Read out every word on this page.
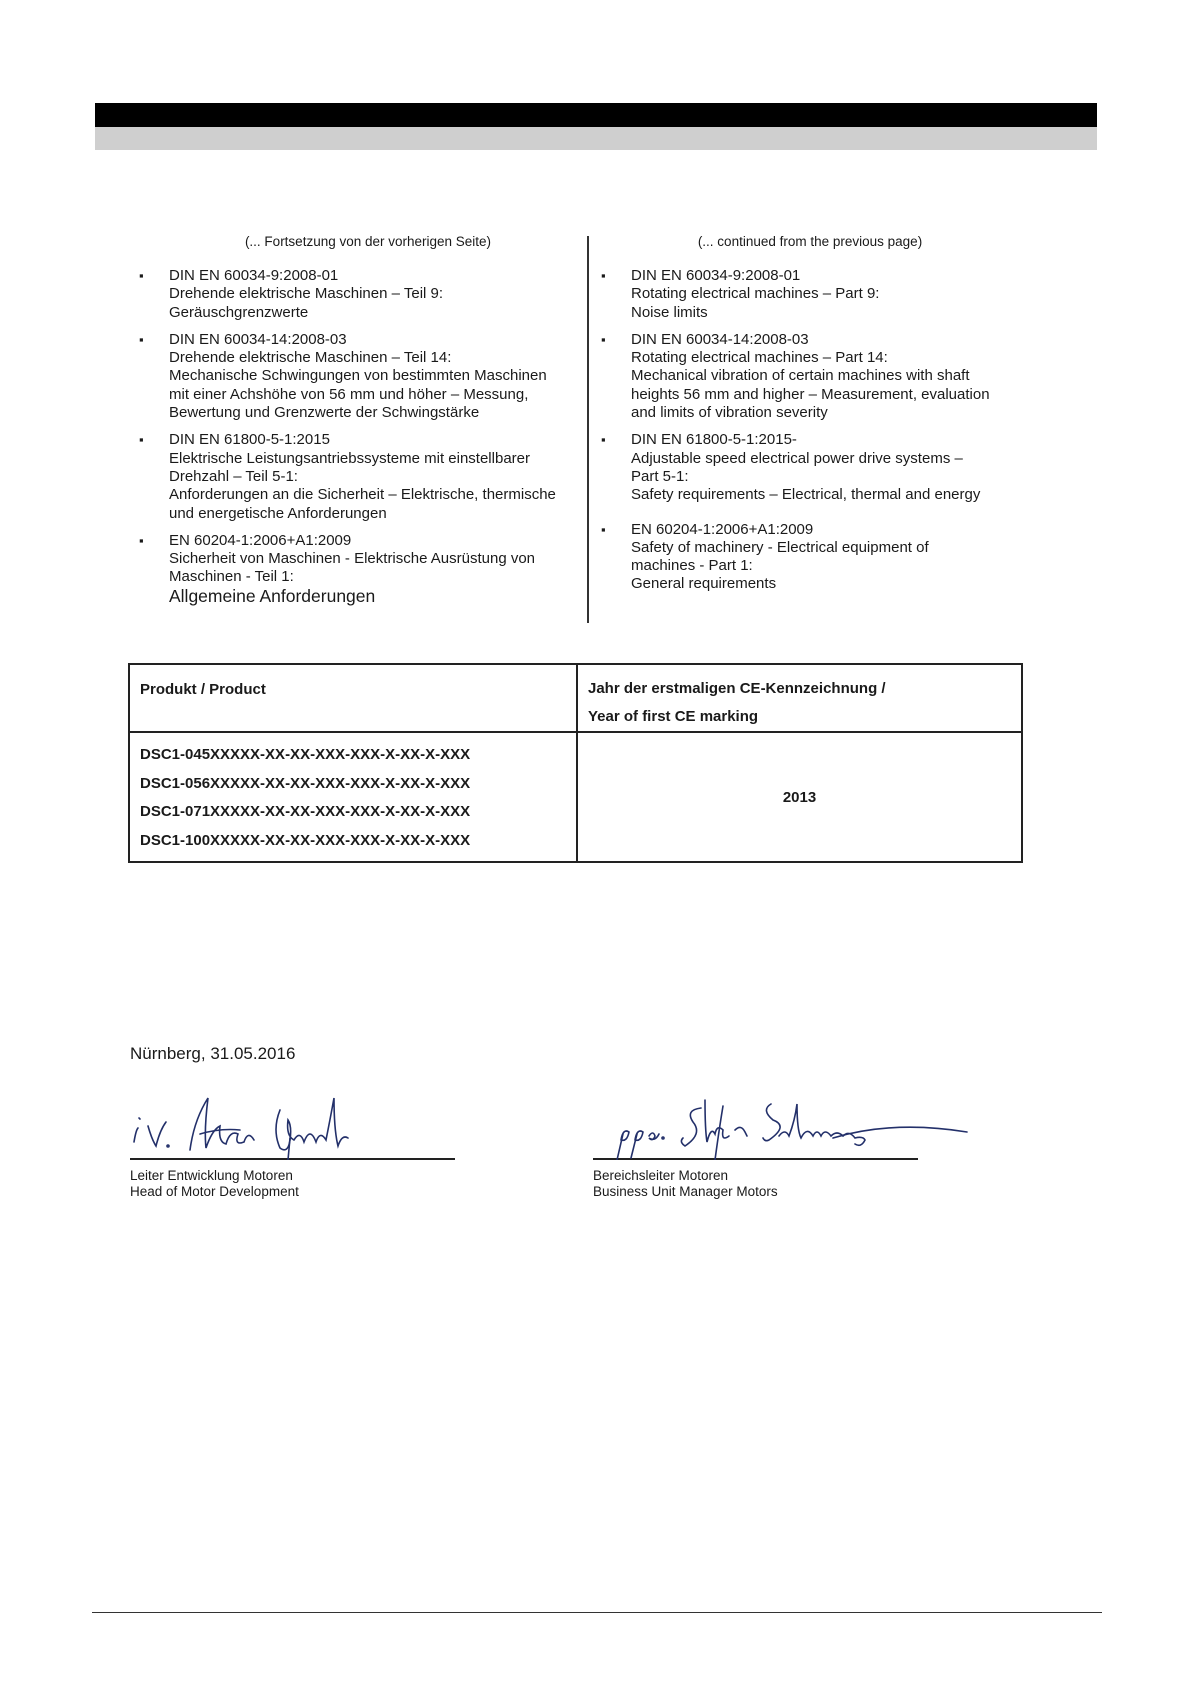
(... Fortsetzung von der vorherigen Seite)

▪ DIN EN 60034-9:2008-01
Drehende elektrische Maschinen – Teil 9:
Geräuschgrenzwerte
▪ DIN EN 60034-14:2008-03
Drehende elektrische Maschinen – Teil 14:
Mechanische Schwingungen von bestimmten Maschinen
mit einer Achshöhe von 56 mm und höher – Messung,
Bewertung und Grenzwerte der Schwingstärke
▪ DIN EN 61800-5-1:2015
Elektrische Leistungsantriebssysteme mit einstellbarer
Drehzahl – Teil 5-1:
Anforderungen an die Sicherheit – Elektrische, thermische
und energetische Anforderungen
▪ EN 60204-1:2006+A1:2009
Sicherheit von Maschinen - Elektrische Ausrüstung von
Maschinen - Teil 1:
Allgemeine Anforderungen

(... continued from the previous page)

▪ DIN EN 60034-9:2008-01
Rotating electrical machines – Part 9:
Noise limits
▪ DIN EN 60034-14:2008-03
Rotating electrical machines – Part 14:
Mechanical vibration of certain machines with shaft
heights 56 mm and higher – Measurement, evaluation
and limits of vibration severity
▪ DIN EN 61800-5-1:2015-
Adjustable speed electrical power drive systems –
Part 5-1:
Safety requirements – Electrical, thermal and energy
▪ EN 60204-1:2006+A1:2009
Safety of machinery - Electrical equipment of
machines - Part 1:
General requirements
Produkt / Product	Jahr der erstmaligen CE-Kennzeichnung /
Year of first CE marking

DSC1-045XXXXX-XX-XX-XXX-XXX-X-XX-X-XXX
DSC1-056XXXXX-XX-XX-XXX-XXX-X-XX-X-XXX
DSC1-071XXXXX-XX-XX-XXX-XXX-X-XX-X-XXX
DSC1-100XXXXX-XX-XX-XXX-XXX-X-XX-X-XXX	2013
Nürnberg, 31.05.2016
Leiter Entwicklung Motoren
Head of Motor Development
Bereichsleiter Motoren
Business Unit Manager Motors
